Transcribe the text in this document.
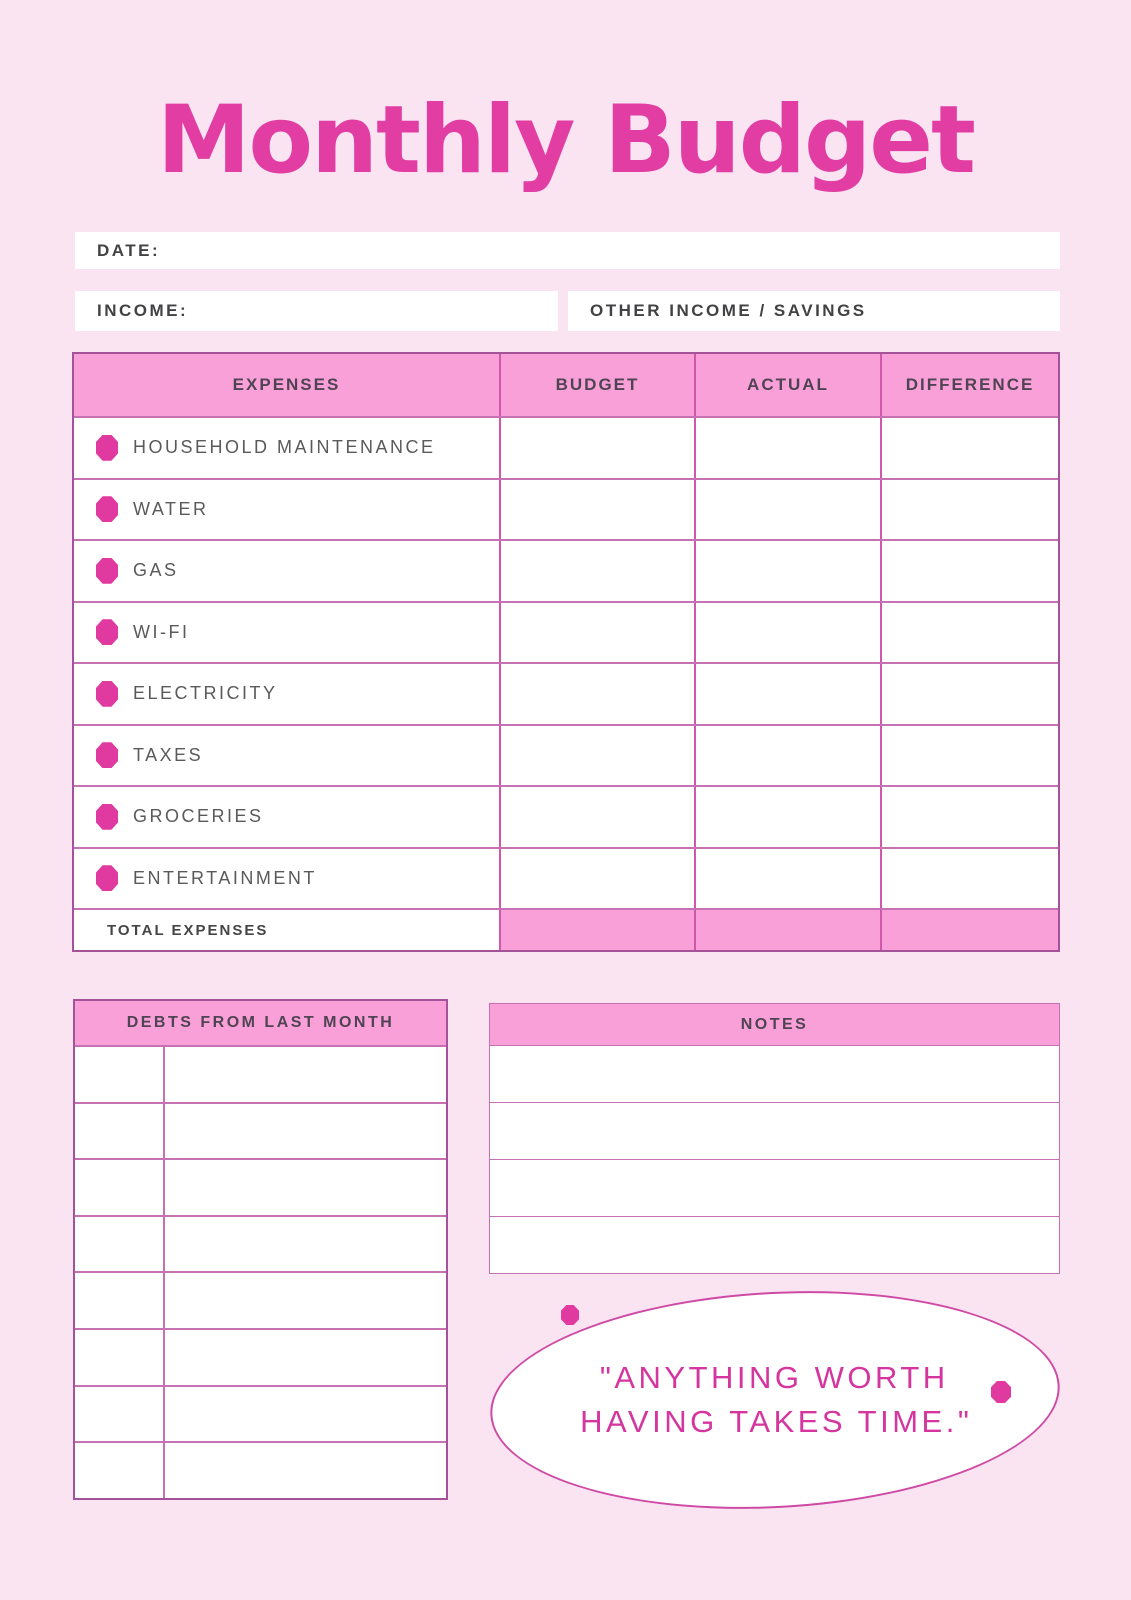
Monthly Budget
DATE:
INCOME:	OTHER INCOME / SAVINGS
EXPENSES	BUDGET	ACTUAL	DIFFERENCE
HOUSEHOLD MAINTENANCE
WATER
GAS
WI-FI
ELECTRICITY
TAXES
GROCERIES
ENTERTAINMENT
TOTAL EXPENSES
DEBTS FROM LAST MONTH	NOTES
"ANYTHING WORTH
HAVING TAKES TIME."
